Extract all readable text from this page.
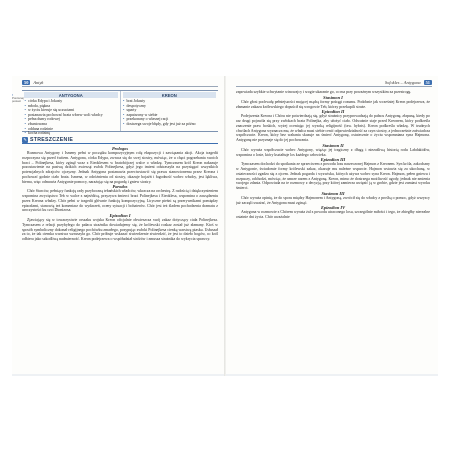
50	Antyk
▪
Porównaj postaci
ANTYGONA
• córka Edypa i Jokasty
• młoda, piękna
• w życiu kieruje się uczuciami
• postanawia pochować brata wbrew woli władcy
• pełna dumy rodowej
• zbuntowana
• oddana rodzinie
• kocha rodzinę
KREON
• brat Jokasty
• despotyczny
• uparty
• zapatrzony w siebie
• przekonany o własnej racji
• dostrzega swoje błędy, gdy jest już za późno
✎ STRESZCZENIE
Prologos

Rozmowa Antygony i Ismeny pełni w początku kompozycyjnym rolę ekspozycji i zawiązania akcji. Akcja tragedii rozpoczyna się przed świtem. Antygona, córka Edypa, zwraca się do swej siostry, mówiąc, że u chęci pogrzebania swoich braci – Polinejkesa, który zginął wraz z Eteoklesem w bratobójczej walce o władzę. Tymczasem król Kreon nakazuje pozostawienie na pastwę dzikich zwierząt zwłok Polinejkesa, gdyż jego imieni odstraszyła na przysięgać wszystkich potencjalnych zdrajców ojczyzny. Jednak Antygona postanawia przeciwstawić się prawu stanowionemu przez Kreona i pochować godnie ciało brata. Ismena, w odróżnieniu od siostry, okazuje bojaźń i łagodność wobec władcy, jest lękliwa, bierna, więc odmawia Antygonie pomocy, narażając się na pogardę i gniew siostry.

Parodos

Chór Starców, pełniący funkcję rady przyboczną tebańskich władców, wkracza na orchestrę. Z radością i dziękczynieniem wspomina zwycięstwo Teb w walce z najeźdźcą, przyzywa śmierci braci Polinejkesa i Eteoklesa, wspomina o zarządzeniu przez Kreona władzy. Chór pełni w tragedii głównie funkcję kompozycyjną. Liryczne pieśni są przerywnikami pomiędzy epizodami, stanowią też komentarz do wydarzeń, oceny sytuacji i bohaterów. Chór jest też śladem pochodzenia dramatu z uroczystości ku czci Dionizosa.

Epizodion I

Zjawiający się w towarzystwie orszaku wojska Kreon oficjalnie obwieszcza swój zakaz dotyczący ciała Polinejkesa. Tymczasem z relacji przybyłego do pałacu strażnika dowiadujemy się, że królewski rozkaz został już złamany. Ktoś w sposób symboliczny dokonał religijnego pochówku zmarłego, posypując zwłoki Polinejkesa cienką warstwą piasku. Usłuszał za to, że tak ciemka warstwa wzruszyła go. Chór próbuje wskazać stwierdzenie stwierdzić, że jest to dzieło bogów, co król odbiera jako szkodliwą nadmierność. Kreon podejrzewa o współudział stróżów i zmusza strażnika do wykrycia sprawcy.

Sofokles – Antygona	51

zapowiada szybkie schwytanie winowajcy i srogie ukaranie go, co ma przy poważnym wszystkim za przestrogę.

Stasimon I

Chór głosi pochwałę pełniejszości mającej mądrą formy pośrągi rozumu. Podobnie jak wcześniej Kreon podejrzewa, że złamanie zakazu królewskiego dopuścił się wrogowie Teb, którzy przekupili straże.

Epizodion II

Podejrzenia Kreona i Chóru nie potwierdzają się, gdyż strażnicy przyprowadzają do pałacu Antygonę, złapaną, kiedy po raz drugi pojawiła się przy zwłokach brata Polinejka, aby ułożyć ciało. Odważnie staje przed Kreonem, który podkreśla znaczenie praw boskich, wyżej oceniając jej wysoką religijność (tzw. hybris). Kreon podkreśla władzę. W trudnych chwilach Antygona wyznacza mu, że władca musi siebie cenić odpowiedzialność za czyn siostry, a jednocześnie zaświadcza współczucie. Kreon, który bez wahania skazuje na śmierć Antygonę, ostatecznie o życiu wspomniana syna Hajmona. Antygonę nie przyznaje się do jej pochowania.

Stasimon II

Chór wyraża współczucie wobec Antygony, wiążąc jej tragiczny z długą i niezaśliwą historią rodu Labdakidów, wspomina o losie, który kształtuje los każdego człowieka.

Epizodion III

Tymczasem dochodzi do spotkania ze sprzeciwem z powodu losu narzeczonej Hajmon z Kreonem. Syn króla, zakochany w Antygonie, świadomie formy królewski zakaz, okazuje mu należne wsparcie. Hajmon wstawia się za ukochaną, w ostateczności zgadza się z ojcem. Jednak pogarda i wyzwiska, których używa wobec syna Kreon. Hajmon, pełen gniewu i rozpaczy, odchodzi, mówiąc, że umrze razem z Antygoną. Kreon, mimo że dostrzega możliwość ugody, jednak nie zmienia swojego zdania. Odpowiada na te rozmowy z decyzją, przy której zamierza uwięzić ją w grobie, gdzie jest zamiast wyroku śmierci.

Stasimon III

Chór wyraża opinię, że do sporu między Hajmonem i Antygoną, zwrócił się do władcy z prośbą o pomoc, gdyż wszyscy już zaczęli uważać, że Antygona musi zginąć.

Epizodion IV

Antygona w rozmowie z Chórem wyraża żal z powodu utraconego losu, szczególnie miłości i tego, że zbiegłby nierealne ostatnie dni życia. Chór uważalnie
